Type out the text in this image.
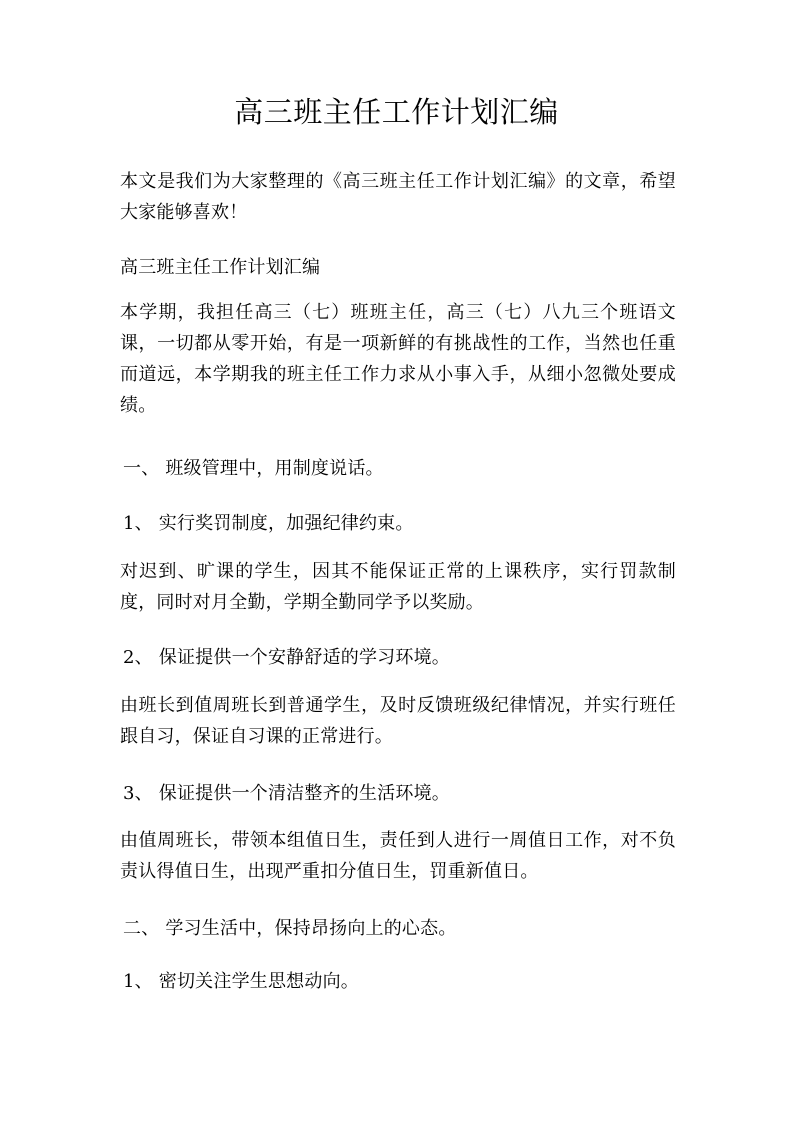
高三班主任工作计划汇编

本文是我们为大家整理的《高三班主任工作计划汇编》的文章，希望大家能够喜欢！

高三班主任工作计划汇编

本学期，我担任高三（七）班班主任，高三（七）八九三个班语文课，一切都从零开始，有是一项新鲜的有挑战性的工作，当然也任重而道远，本学期我的班主任工作力求从小事入手，从细小忽微处要成绩。

一、 班级管理中，用制度说话。

1、 实行奖罚制度，加强纪律约束。

对迟到、旷课的学生，因其不能保证正常的上课秩序，实行罚款制度，同时对月全勤，学期全勤同学予以奖励。

2、 保证提供一个安静舒适的学习环境。

由班长到值周班长到普通学生，及时反馈班级纪律情况，并实行班任跟自习，保证自习课的正常进行。

3、 保证提供一个清洁整齐的生活环境。

由值周班长，带领本组值日生，责任到人进行一周值日工作，对不负责认得值日生，出现严重扣分值日生，罚重新值日。

二、 学习生活中，保持昂扬向上的心态。

1、 密切关注学生思想动向。
